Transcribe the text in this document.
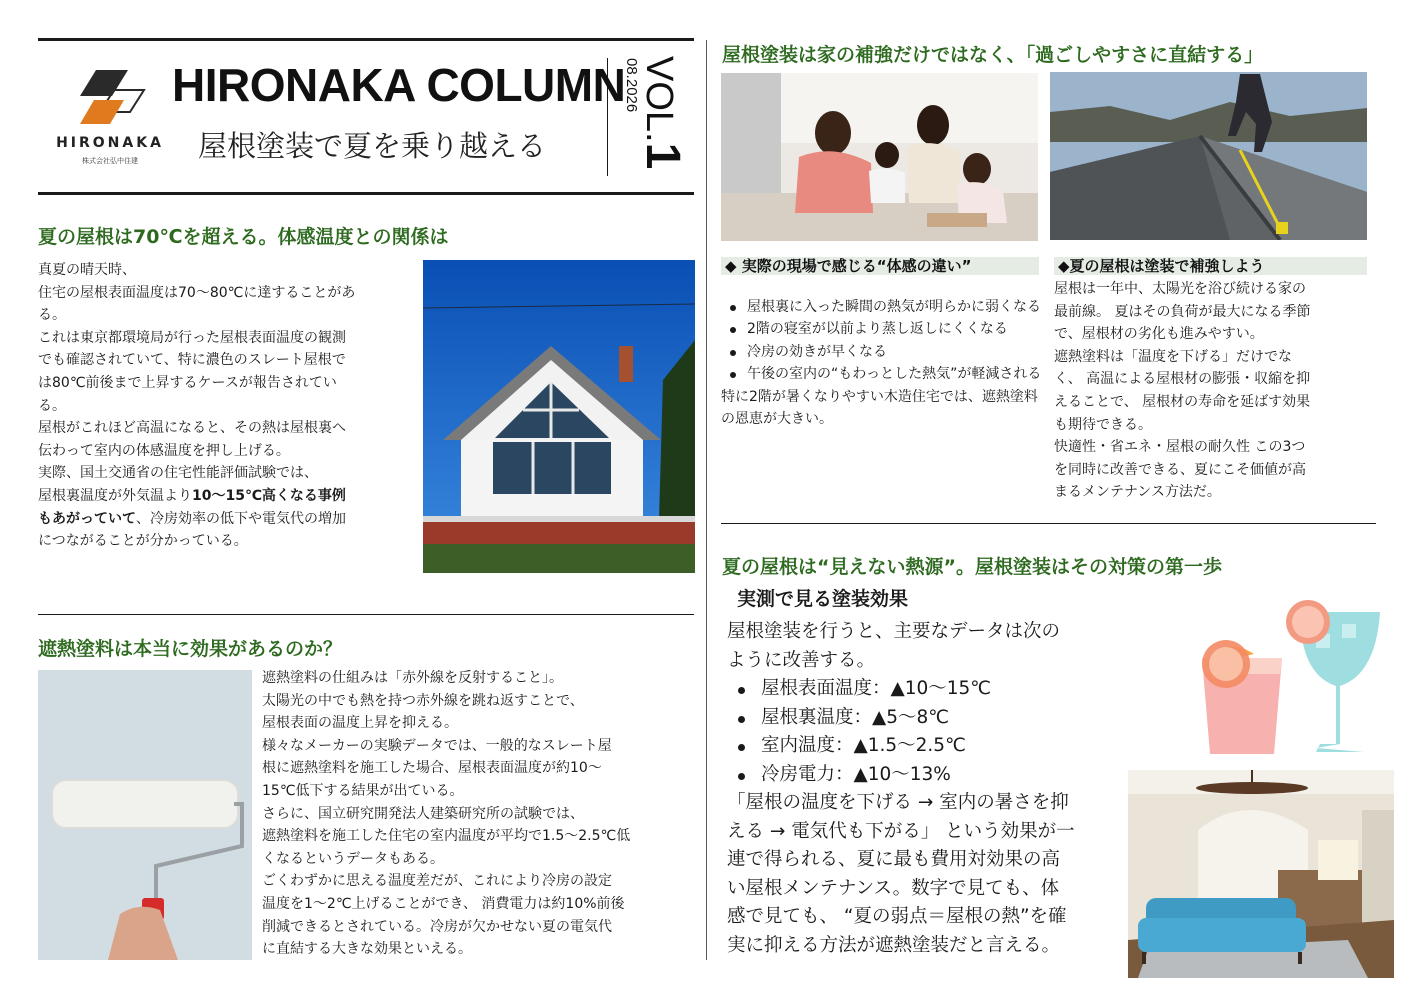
HIRONAKA
株式会社弘中住建
HIRONAKA COLUMN
屋根塗装で夏を乗り越える
VOL.1
08.2026
夏の屋根は70℃を超える。体感温度との関係は

真夏の晴天時、

住宅の屋根表面温度は70〜80℃に達することがあ

る。

これは東京都環境局が行った屋根表面温度の観測

でも確認されていて、特に濃色のスレート屋根で

は80℃前後まで上昇するケースが報告されてい

る。

屋根がこれほど高温になると、その熱は屋根裏へ

伝わって室内の体感温度を押し上げる。

実際、国土交通省の住宅性能評価試験では、

屋根裏温度が外気温より10〜15℃高くなる事例

もあがっていて、冷房効率の低下や電気代の増加

につながることが分かっている。

遮熱塗料は本当に効果があるのか？

遮熱塗料の仕組みは「赤外線を反射すること」。

太陽光の中でも熱を持つ赤外線を跳ね返すことで、

屋根表面の温度上昇を抑える。

様々なメーカーの実験データでは、一般的なスレート屋

根に遮熱塗料を施工した場合、屋根表面温度が約10〜

15℃低下する結果が出ている。

さらに、国立研究開発法人建築研究所の試験では、

遮熱塗料を施工した住宅の室内温度が平均で1.5〜2.5℃低

くなるというデータもある。

ごくわずかに思える温度差だが、これにより冷房の設定

温度を1〜2℃上げることができ、 消費電力は約10%前後

削減できるとされている。冷房が欠かせない夏の電気代

に直結する大きな効果といえる。

屋根塗装は家の補強だけではなく、「過ごしやすさに直結する」
◆ 実際の現場で感じる“体感の違い”
屋根裏に入った瞬間の熱気が明らかに弱くなる
2階の寝室が以前より蒸し返しにくくなる
冷房の効きが早くなる
午後の室内の“もわっとした熱気”が軽減される

特に2階が暑くなりやすい木造住宅では、遮熱塗料の恩恵が大きい。

◆夏の屋根は塗装で補強しよう

屋根は一年中、太陽光を浴び続ける家の

最前線。 夏はその負荷が最大になる季節

で、屋根材の劣化も進みやすい。

遮熱塗料は「温度を下げる」だけでな

く、 高温による屋根材の膨張・収縮を抑

えることで、 屋根材の寿命を延ばす効果

も期待できる。

快適性・省エネ・屋根の耐久性 この3つ

を同時に改善できる、夏にこそ価値が高

まるメンテナンス方法だ。

夏の屋根は“見えない熱源”。屋根塗装はその対策の第一歩
実測で見る塗装効果

屋根塗装を行うと、主要なデータは次の

ように改善する。

屋根表面温度：▲10〜15℃
屋根裏温度：▲5〜8℃
室内温度：▲1.5〜2.5℃
冷房電力：▲10〜13%

「屋根の温度を下げる → 室内の暑さを抑

える → 電気代も下がる」 という効果が一

連で得られる、夏に最も費用対効果の高

い屋根メンテナンス。数字で見ても、体

感で見ても、 “夏の弱点＝屋根の熱”を確

実に抑える方法が遮熱塗装だと言える。
